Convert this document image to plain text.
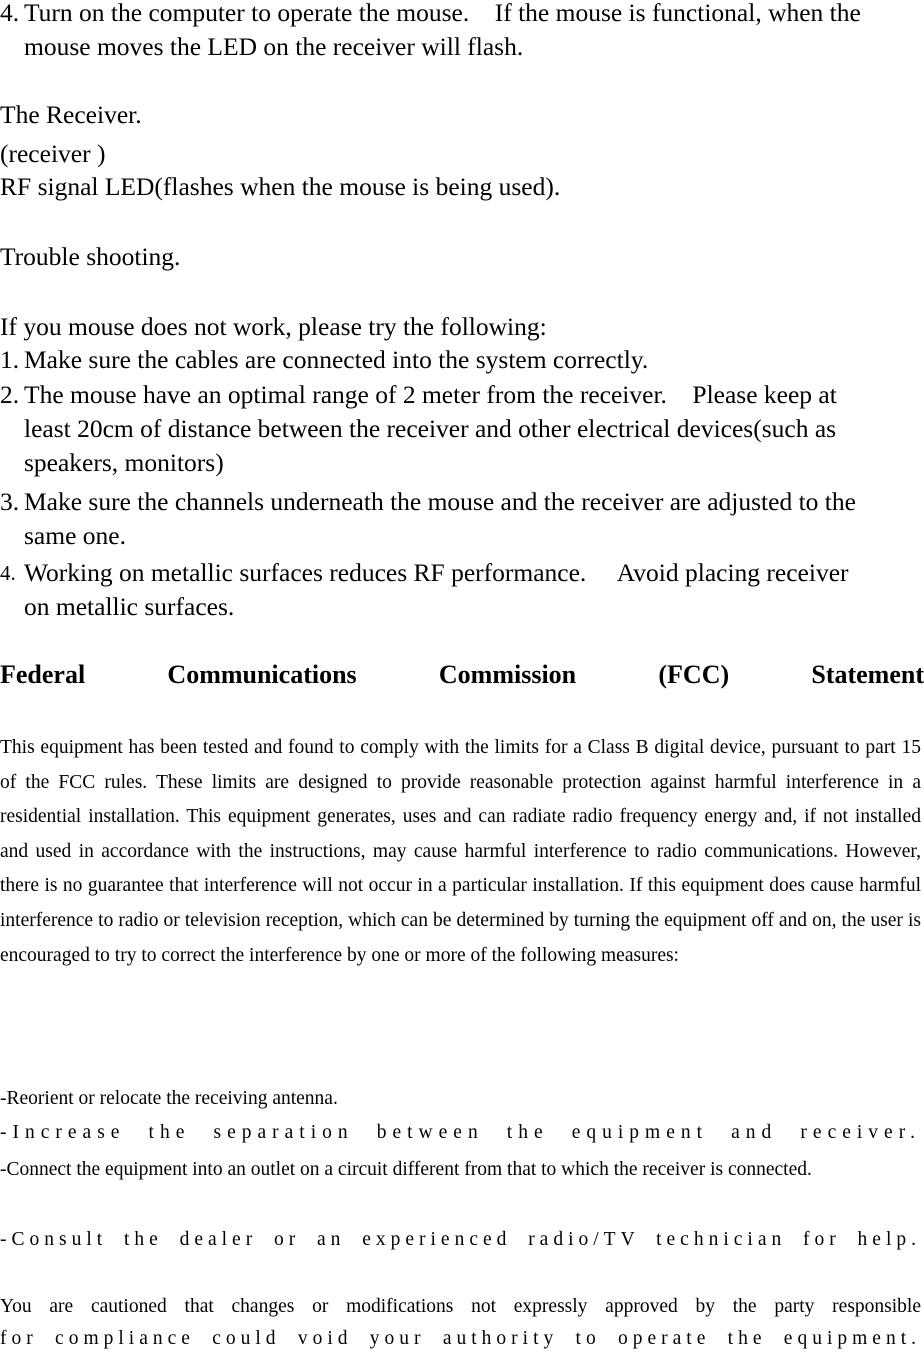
4. Turn on the computer to operate the mouse.    If the mouse is functional, when the
mouse moves the LED on the receiver will flash.
The Receiver.
(receiver )
RF signal LED(flashes when the mouse is being used).
Trouble shooting.
If you mouse does not work, please try the following:
1. Make sure the cables are connected into the system correctly.
2. The mouse have an optimal range of 2 meter from the receiver.    Please keep at
least 20cm of distance between the receiver and other electrical devices(such as
speakers, monitors)
3. Make sure the channels underneath the mouse and the receiver are adjusted to the
same one.
4. Working on metallic surfaces reduces RF performance.     Avoid placing receiver
on metallic surfaces.
Federal Communications Commission (FCC) Statement
This equipment has been tested and found to comply with the limits for a Class B digital device, pursuant to part 15 of the FCC rules. These limits are designed to provide reasonable protection against harmful interference in a residential installation. This equipment generates, uses and can radiate radio frequency energy and, if not installed and used in accordance with the instructions, may cause harmful interference to radio communications. However, there is no guarantee that interference will not occur in a particular installation. If this equipment does cause harmful interference to radio or television reception, which can be determined by turning the equipment off and on, the user is encouraged to try to correct the interference by one or more of the following measures:
-Reorient or relocate the receiving antenna.
-Increase the separation between the equipment and receiver.
-Connect the equipment into an outlet on a circuit different from that to which the receiver is connected.
-Consult the dealer or an experienced radio/TV technician for help.
You are cautioned that changes or modifications not expressly approved by the party responsible
for compliance could void your authority to operate the equipment.
